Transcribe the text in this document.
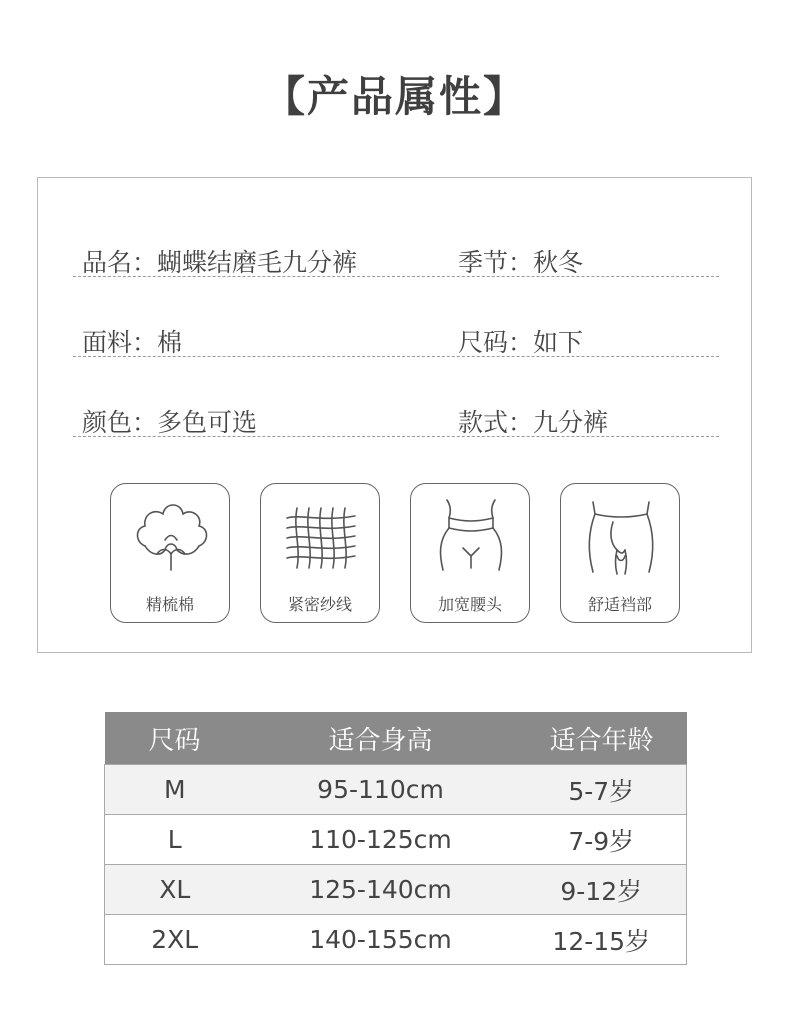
【产品属性】
品名：蝴蝶结磨毛九分裤	季节：秋冬
面料：棉	尺码：如下
颜色：多色可选	款式：九分裤
精梳棉	紧密纱线	加宽腰头	舒适裆部
尺码	适合身高	适合年龄
M	95-110cm	5-7岁
L	110-125cm	7-9岁
XL	125-140cm	9-12岁
2XL	140-155cm	12-15岁
